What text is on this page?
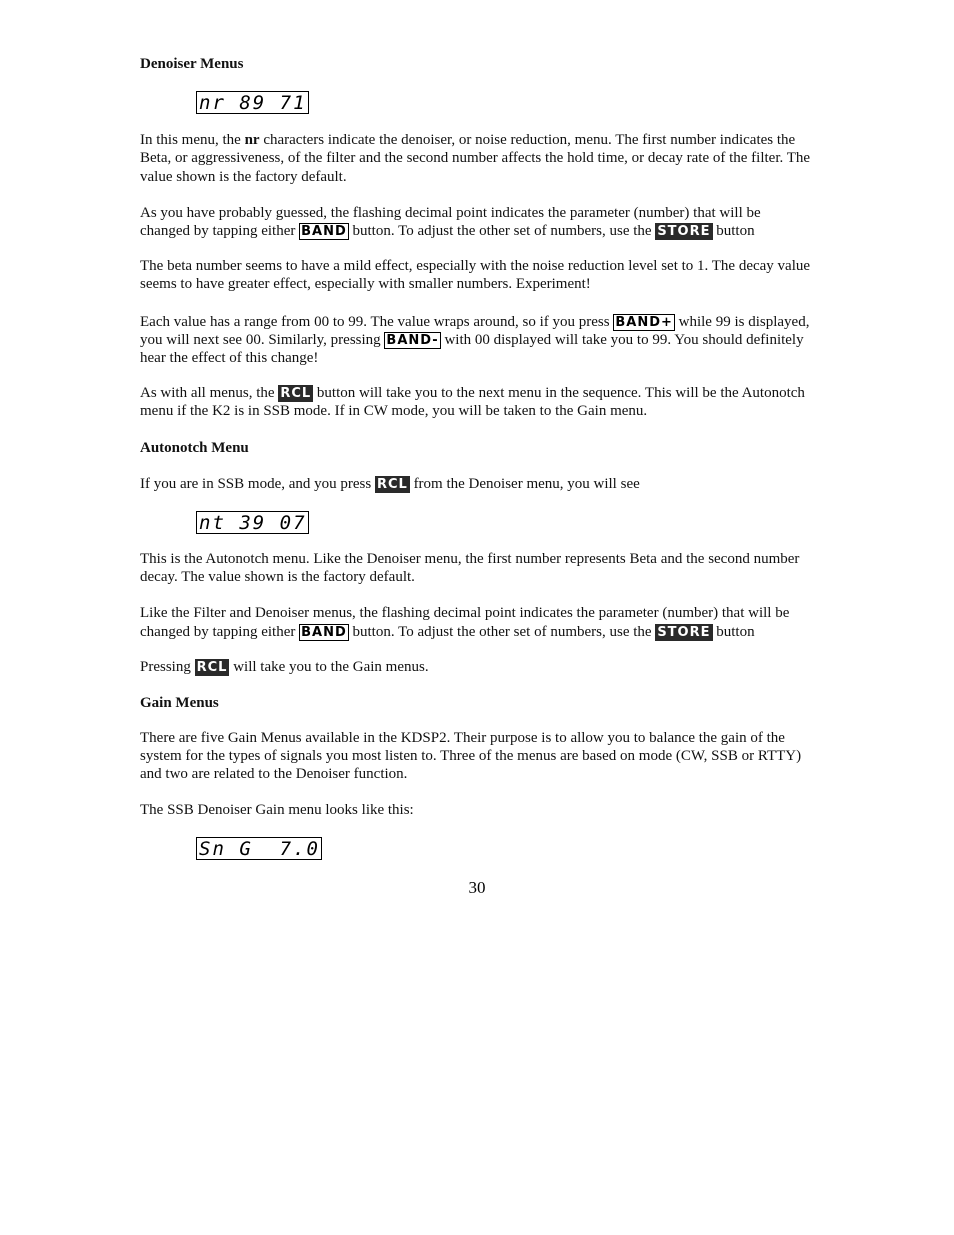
Denoiser Menus
nr 89 71

In this menu, the nr characters indicate the denoiser, or noise reduction, menu. The first number indicates the Beta, or aggressiveness, of the filter and the second number affects the hold time, or decay rate of the filter. The value shown is the factory default.

As you have probably guessed, the flashing decimal point indicates the parameter (number) that will be changed by tapping either BAND button. To adjust the other set of numbers, use the STORE button

The beta number seems to have a mild effect, especially with the noise reduction level set to 1. The decay value seems to have greater effect, especially with smaller numbers. Experiment!

Each value has a range from 00 to 99. The value wraps around, so if you press BAND+ while 99 is displayed, you will next see 00. Similarly, pressing BAND- with 00 displayed will take you to 99. You should definitely hear the effect of this change!

As with all menus, the RCL button will take you to the next menu in the sequence. This will be the Autonotch menu if the K2 is in SSB mode. If in CW mode, you will be taken to the Gain menu.

Autonotch Menu

If you are in SSB mode, and you press RCL from the Denoiser menu, you will see

nt 39 07

This is the Autonotch menu. Like the Denoiser menu, the first number represents Beta and the second number decay. The value shown is the factory default.

Like the Filter and Denoiser menus, the flashing decimal point indicates the parameter (number) that will be changed by tapping either BAND button. To adjust the other set of numbers, use the STORE button

Pressing RCL will take you to the Gain menus.

Gain Menus

There are five Gain Menus available in the KDSP2. Their purpose is to allow you to balance the gain of the system for the types of signals you most listen to. Three of the menus are based on mode (CW, SSB or RTTY) and two are related to the Denoiser function.

The SSB Denoiser Gain menu looks like this:

Sn G  7.0
30
